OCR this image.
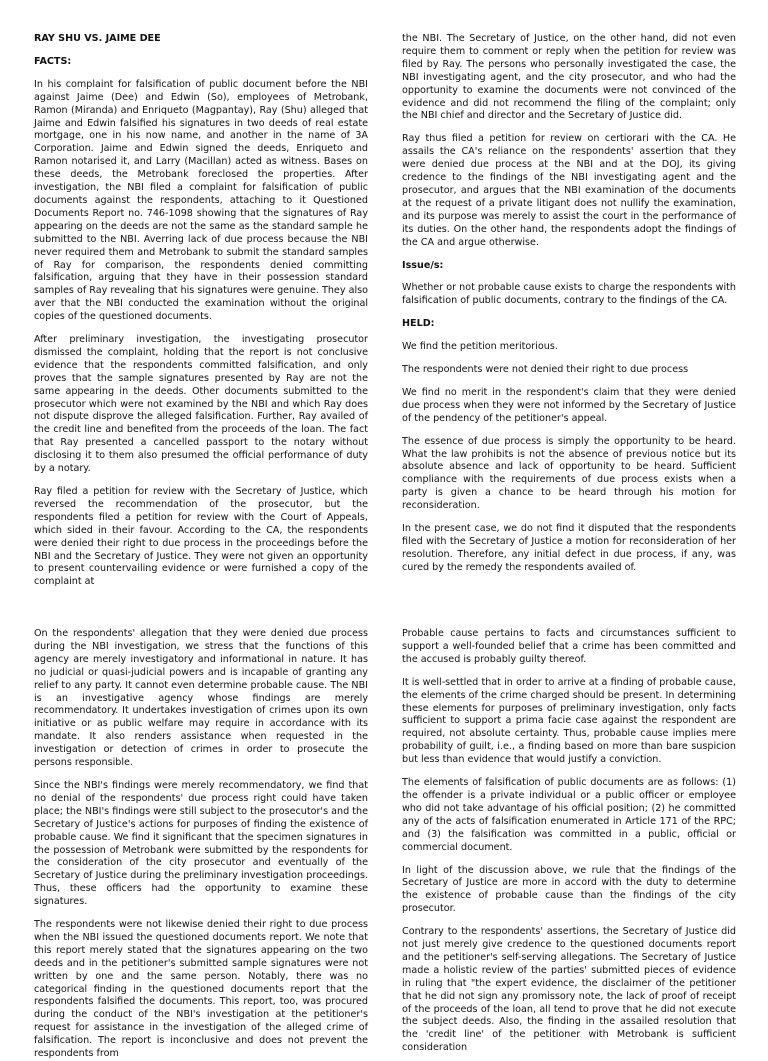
RAY SHU VS. JAIME DEE

FACTS:

In his complaint for falsification of public document before the NBI against Jaime (Dee) and Edwin (So), employees of Metrobank, Ramon (Miranda) and Enriqueto (Magpantay), Ray (Shu) alleged that Jaime and Edwin falsified his signatures in two deeds of real estate mortgage, one in his now name, and another in the name of 3A Corporation. Jaime and Edwin signed the deeds, Enriqueto and Ramon notarised it, and Larry (Macillan) acted as witness. Bases on these deeds, the Metrobank foreclosed the properties. After investigation, the NBI filed a complaint for falsification of public documents against the respondents, attaching to it Questioned Documents Report no. 746-1098 showing that the signatures of Ray appearing on the deeds are not the same as the standard sample he submitted to the NBI. Averring lack of due process because the NBI never required them and Metrobank to submit the standard samples of Ray for comparison, the respondents denied committing falsification, arguing that they have in their possession standard samples of Ray revealing that his signatures were genuine. They also aver that the NBI conducted the examination without the original copies of the questioned documents.

After preliminary investigation, the investigating prosecutor dismissed the complaint, holding that the report is not conclusive evidence that the respondents committed falsification, and only proves that the sample signatures presented by Ray are not the same appearing in the deeds. Other documents submitted to the prosecutor which were not examined by the NBI and which Ray does not dispute disprove the alleged falsification. Further, Ray availed of the credit line and benefited from the proceeds of the loan. The fact that Ray presented a cancelled passport to the notary without disclosing it to them also presumed the official performance of duty by a notary.

Ray filed a petition for review with the Secretary of Justice, which reversed the recommendation of the prosecutor, but the respondents filed a petition for review with the Court of Appeals, which sided in their favour. According to the CA, the respondents were denied their right to due process in the proceedings before the NBI and the Secretary of Justice. They were not given an opportunity to present countervailing evidence or were furnished a copy of the complaint at

the NBI. The Secretary of Justice, on the other hand, did not even require them to comment or reply when the petition for review was filed by Ray. The persons who personally investigated the case, the NBI investigating agent, and the city prosecutor, and who had the opportunity to examine the documents were not convinced of the evidence and did not recommend the filing of the complaint; only the NBI chief and director and the Secretary of Justice did.

Ray thus filed a petition for review on certiorari with the CA. He assails the CA's reliance on the respondents' assertion that they were denied due process at the NBI and at the DOJ, its giving credence to the findings of the NBI investigating agent and the prosecutor, and argues that the NBI examination of the documents at the request of a private litigant does not nullify the examination, and its purpose was merely to assist the court in the performance of its duties. On the other hand, the respondents adopt the findings of the CA and argue otherwise.

Issue/s:

Whether or not probable cause exists to charge the respondents with falsification of public documents, contrary to the findings of the CA.

HELD:

We find the petition meritorious.

The respondents were not denied their right to due process

We find no merit in the respondent's claim that they were denied due process when they were not informed by the Secretary of Justice of the pendency of the petitioner's appeal.

The essence of due process is simply the opportunity to be heard. What the law prohibits is not the absence of previous notice but its absolute absence and lack of opportunity to be heard. Sufficient compliance with the requirements of due process exists when a party is given a chance to be heard through his motion for reconsideration.

In the present case, we do not find it disputed that the respondents filed with the Secretary of Justice a motion for reconsideration of her resolution. Therefore, any initial defect in due process, if any, was cured by the remedy the respondents availed of.

On the respondents' allegation that they were denied due process during the NBI investigation, we stress that the functions of this agency are merely investigatory and informational in nature. It has no judicial or quasi-judicial powers and is incapable of granting any relief to any party. It cannot even determine probable cause. The NBI is an investigative agency whose findings are merely recommendatory. It undertakes investigation of crimes upon its own initiative or as public welfare may require in accordance with its mandate. It also renders assistance when requested in the investigation or detection of crimes in order to prosecute the persons responsible.

Since the NBI's findings were merely recommendatory, we find that no denial of the respondents' due process right could have taken place; the NBI's findings were still subject to the prosecutor's and the Secretary of Justice's actions for purposes of finding the existence of probable cause. We find it significant that the specimen signatures in the possession of Metrobank were submitted by the respondents for the consideration of the city prosecutor and eventually of the Secretary of Justice during the preliminary investigation proceedings. Thus, these officers had the opportunity to examine these signatures.

The respondents were not likewise denied their right to due process when the NBI issued the questioned documents report. We note that this report merely stated that the signatures appearing on the two deeds and in the petitioner's submitted sample signatures were not written by one and the same person. Notably, there was no categorical finding in the questioned documents report that the respondents falsified the documents. This report, too, was procured during the conduct of the NBI's investigation at the petitioner's request for assistance in the investigation of the alleged crime of falsification. The report is inconclusive and does not prevent the respondents from

Probable cause pertains to facts and circumstances sufficient to support a well-founded belief that a crime has been committed and the accused is probably guilty thereof.

It is well-settled that in order to arrive at a finding of probable cause, the elements of the crime charged should be present. In determining these elements for purposes of preliminary investigation, only facts sufficient to support a prima facie case against the respondent are required, not absolute certainty. Thus, probable cause implies mere probability of guilt, i.e., a finding based on more than bare suspicion but less than evidence that would justify a conviction.

The elements of falsification of public documents are as follows: (1) the offender is a private individual or a public officer or employee who did not take advantage of his official position; (2) he committed any of the acts of falsification enumerated in Article 171 of the RPC; and (3) the falsification was committed in a public, official or commercial document.

In light of the discussion above, we rule that the findings of the Secretary of Justice are more in accord with the duty to determine the existence of probable cause than the findings of the city prosecutor.

Contrary to the respondents' assertions, the Secretary of Justice did not just merely give credence to the questioned documents report and the petitioner's self-serving allegations. The Secretary of Justice made a holistic review of the parties' submitted pieces of evidence in ruling that "the expert evidence, the disclaimer of the petitioner that he did not sign any promissory note, the lack of proof of receipt of the proceeds of the loan, all tend to prove that he did not execute the subject deeds. Also, the finding in the assailed resolution that the 'credit line' of the petitioner with Metrobank is sufficient consideration
